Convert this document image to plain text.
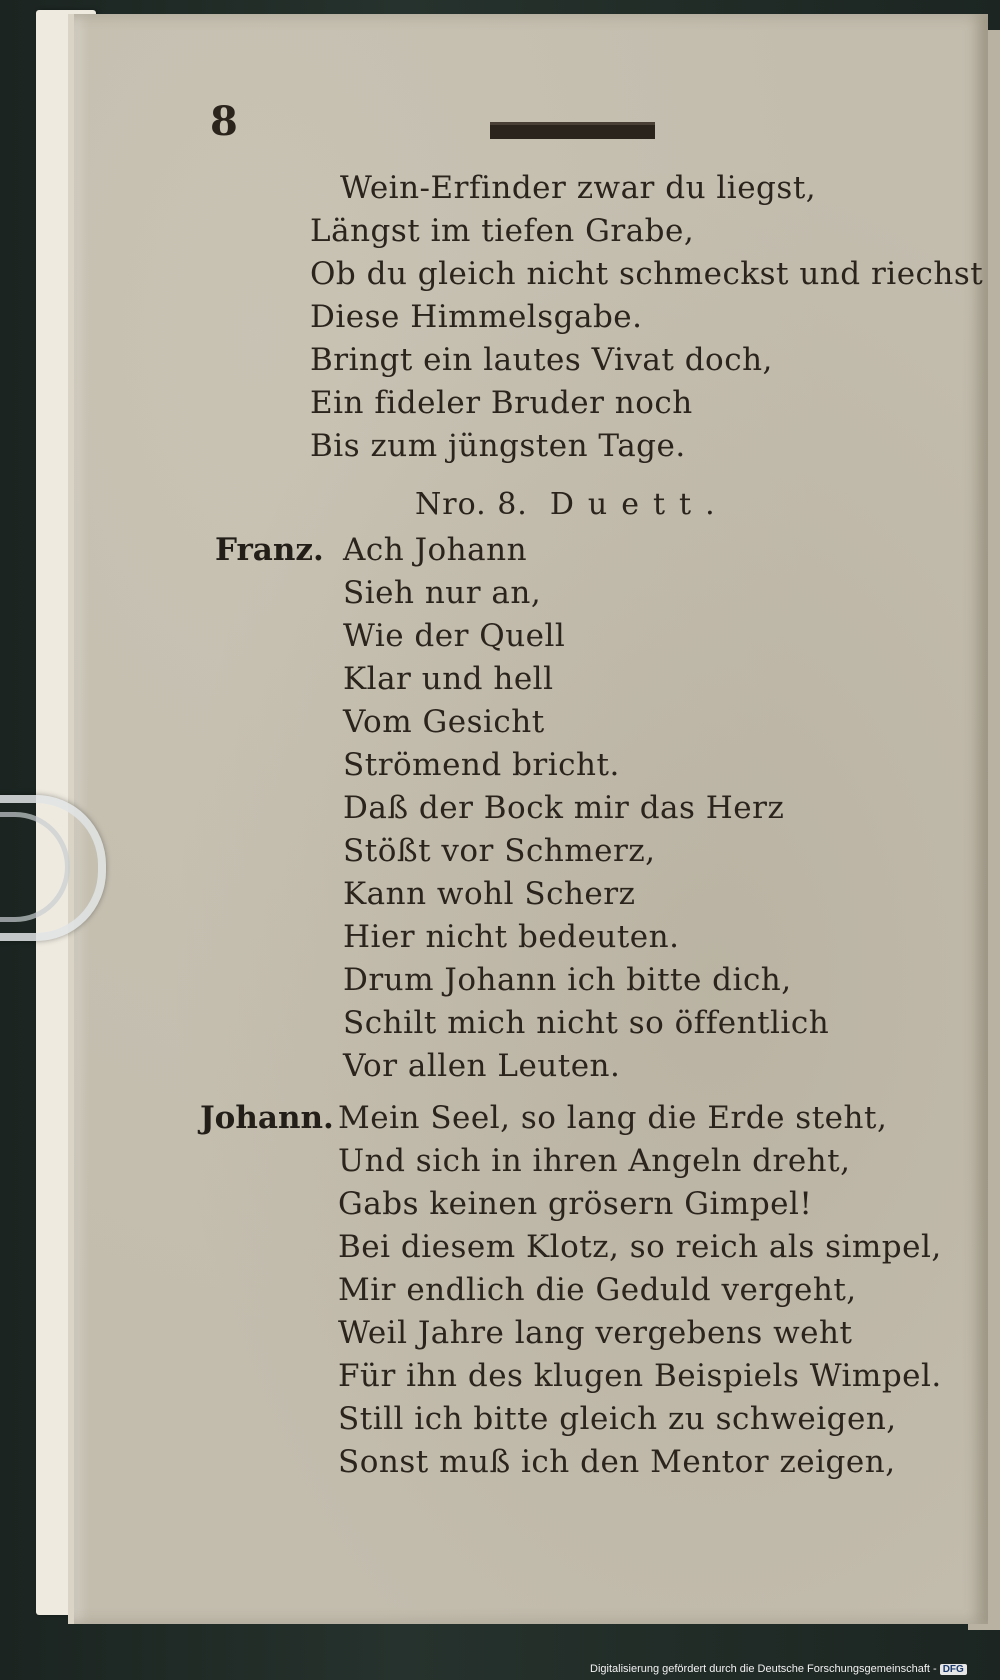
8

Wein-Erfinder zwar du liegst,

Längst im tiefen Grabe,

Ob du gleich nicht schmeckst und riechst

Diese Himmelsgabe.

Bringt ein lautes Vivat doch,

Ein fideler Bruder noch

Bis zum jüngsten Tage.

Nro. 8. Duett.

Franz. Ach Johann

Sieh nur an,

Wie der Quell

Klar und hell

Vom Gesicht

Strömend bricht.

Daß der Bock mir das Herz

Stößt vor Schmerz,

Kann wohl Scherz

Hier nicht bedeuten.

Drum Johann ich bitte dich,

Schilt mich nicht so öffentlich

Vor allen Leuten.

Johann. Mein Seel, so lang die Erde steht,

Und sich in ihren Angeln dreht,

Gabs keinen grösern Gimpel!

Bei diesem Klotz, so reich als simpel,

Mir endlich die Geduld vergeht,

Weil Jahre lang vergebens weht

Für ihn des klugen Beispiels Wimpel.

Still ich bitte gleich zu schweigen,

Sonst muß ich den Mentor zeigen,

Digitalisierung gefördert durch die Deutsche Forschungsgemeinschaft - DFG
